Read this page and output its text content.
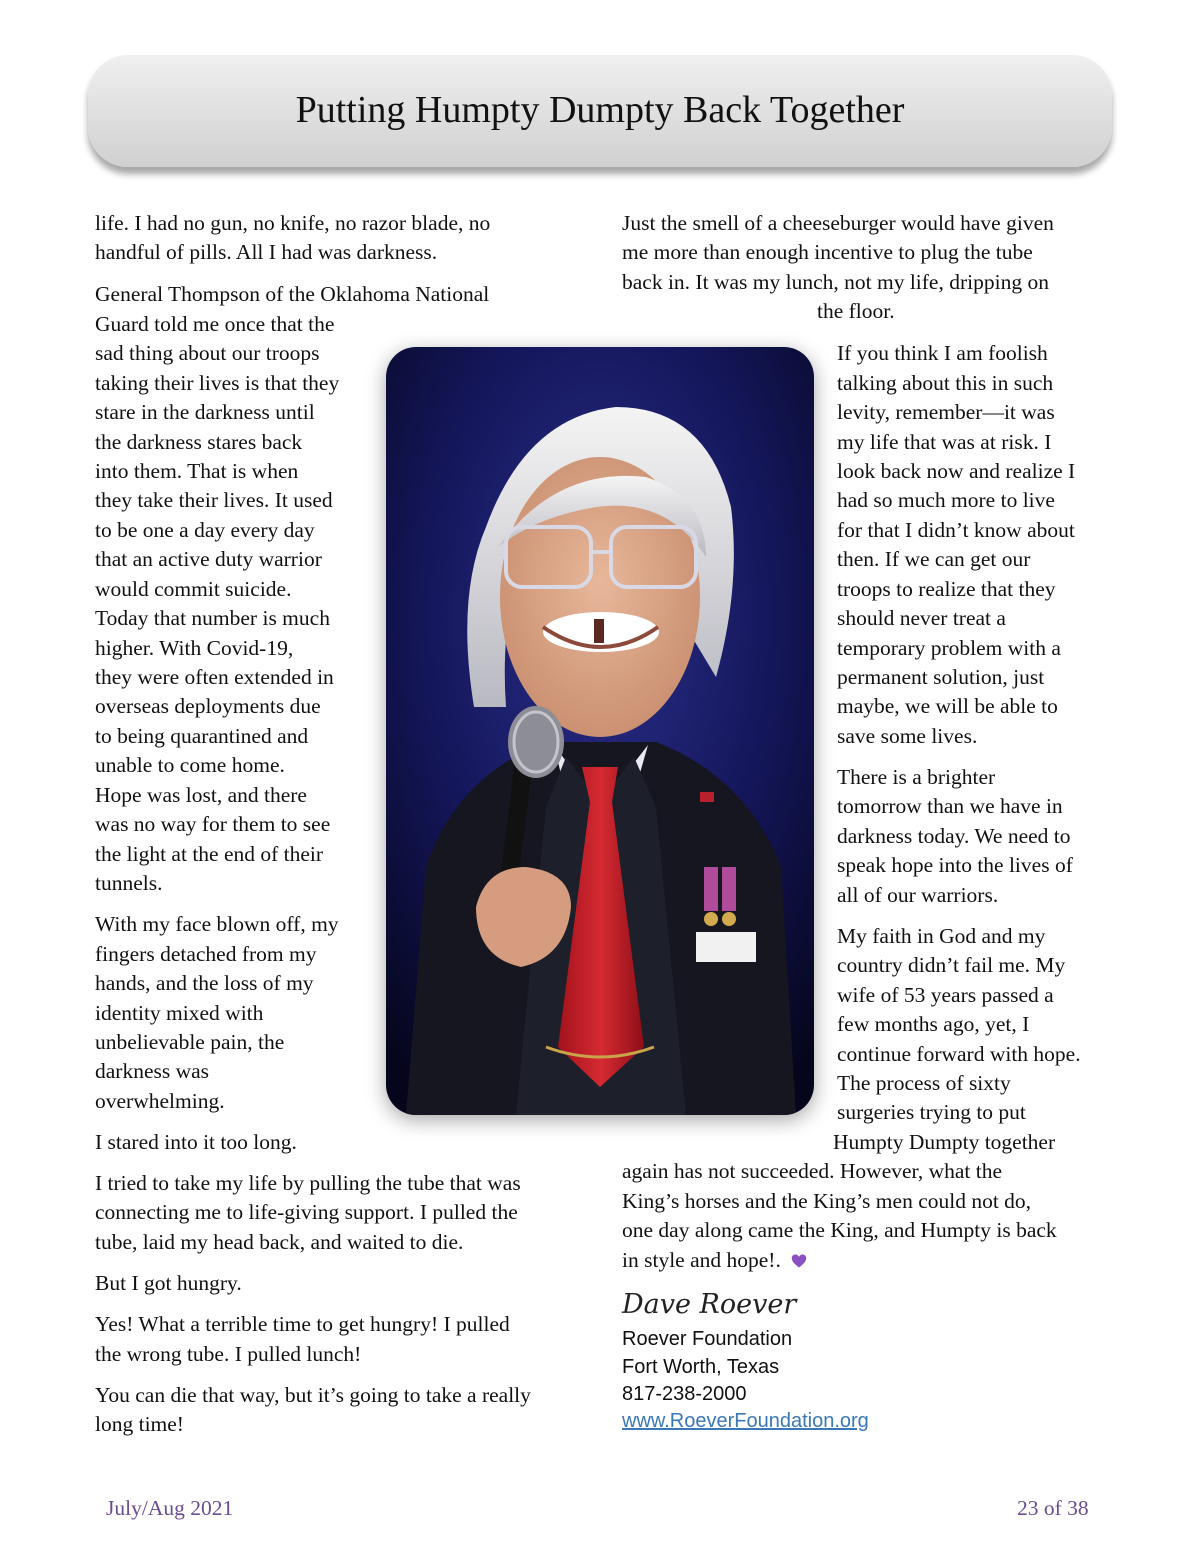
Putting Humpty Dumpty Back Together
life. I had no gun, no knife, no razor blade, no
handful of pills. All I had was darkness.
General Thompson of the Oklahoma National
Guard told me once that the
sad thing about our troops
taking their lives is that they
stare in the darkness until
the darkness stares back
into them. That is when
they take their lives. It used
to be one a day every day
that an active duty warrior
would commit suicide.
Today that number is much
higher. With Covid-19,
they were often extended in
overseas deployments due
to being quarantined and
unable to come home.
Hope was lost, and there
was no way for them to see
the light at the end of their
tunnels.
With my face blown off, my
fingers detached from my
hands, and the loss of my
identity mixed with
unbelievable pain, the
darkness was
overwhelming.
I stared into it too long.
I tried to take my life by pulling the tube that was
connecting me to life-giving support. I pulled the
tube, laid my head back, and waited to die.
But I got hungry.
Yes! What a terrible time to get hungry! I pulled
the wrong tube. I pulled lunch!
You can die that way, but it’s going to take a really
long time!
Just the smell of a cheeseburger would have given
me more than enough incentive to plug the tube
back in. It was my lunch, not my life, dripping on
the floor.
If you think I am foolish
talking about this in such
levity, remember—it was
my life that was at risk. I
look back now and realize I
had so much more to live
for that I didn’t know about
then. If we can get our
troops to realize that they
should never treat a
temporary problem with a
permanent solution, just
maybe, we will be able to
save some lives.
There is a brighter
tomorrow than we have in
darkness today. We need to
speak hope into the lives of
all of our warriors.
My faith in God and my
country didn’t fail me. My
wife of 53 years passed a
few months ago, yet, I
continue forward with hope.
The process of sixty
surgeries trying to put
Humpty Dumpty together
again has not succeeded. However, what the
King’s horses and the King’s men could not do,
one day along came the King, and Humpty is back
in style and hope!.
Dave Roever
Roever Foundation
Fort Worth, Texas
817-238-2000
www.RoeverFoundation.org
July/Aug 2021	23 of 38
